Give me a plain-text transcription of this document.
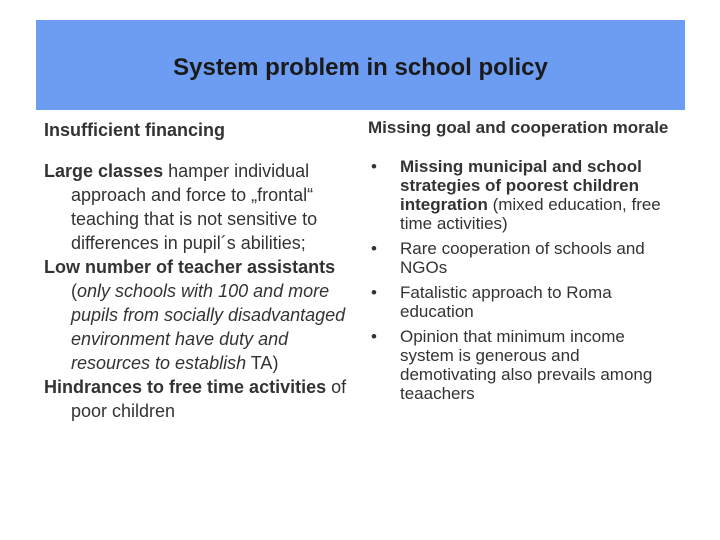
System problem in school policy
Insufficient financing

Large classes hamper individual approach and force to „frontal“ teaching that is not sensitive to differences in pupil´s abilities;

Low number of teacher assistants (only schools with 100 and more pupils from socially disadvantaged environment have duty and resources to establish TA)

Hindrances to free time activities of poor children

Missing goal and cooperation morale
• Missing municipal and school strategies of poorest children integration (mixed education, free time activities)
• Rare cooperation of schools and NGOs
• Fatalistic approach to Roma education
• Opinion that minimum income system is generous and demotivating also prevails among teaachers
